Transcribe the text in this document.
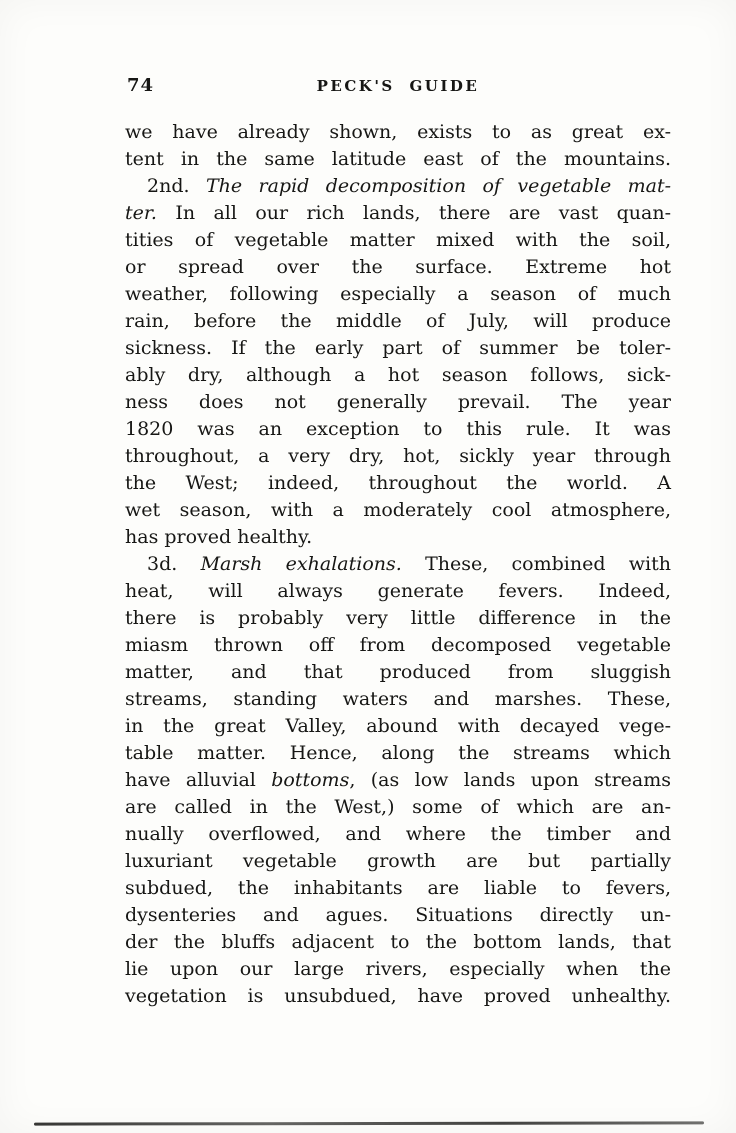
74	PECK'S GUIDE
we have already shown, exists to as great ex-
tent in the same latitude east of the mountains.
2nd. The rapid decomposition of vegetable mat-
ter. In all our rich lands, there are vast quan-
tities of vegetable matter mixed with the soil,
or spread over the surface. Extreme hot
weather, following especially a season of much
rain, before the middle of July, will produce
sickness. If the early part of summer be toler-
ably dry, although a hot season follows, sick-
ness does not generally prevail. The year
1820 was an exception to this rule. It was
throughout, a very dry, hot, sickly year through
the West; indeed, throughout the world. A
wet season, with a moderately cool atmosphere,
has proved healthy.
3d. Marsh exhalations. These, combined with
heat, will always generate fevers. Indeed,
there is probably very little difference in the
miasm thrown off from decomposed vegetable
matter, and that produced from sluggish
streams, standing waters and marshes. These,
in the great Valley, abound with decayed vege-
table matter. Hence, along the streams which
have alluvial bottoms, (as low lands upon streams
are called in the West,) some of which are an-
nually overflowed, and where the timber and
luxuriant vegetable growth are but partially
subdued, the inhabitants are liable to fevers,
dysenteries and agues. Situations directly un-
der the bluffs adjacent to the bottom lands, that
lie upon our large rivers, especially when the
vegetation is unsubdued, have proved unhealthy.
